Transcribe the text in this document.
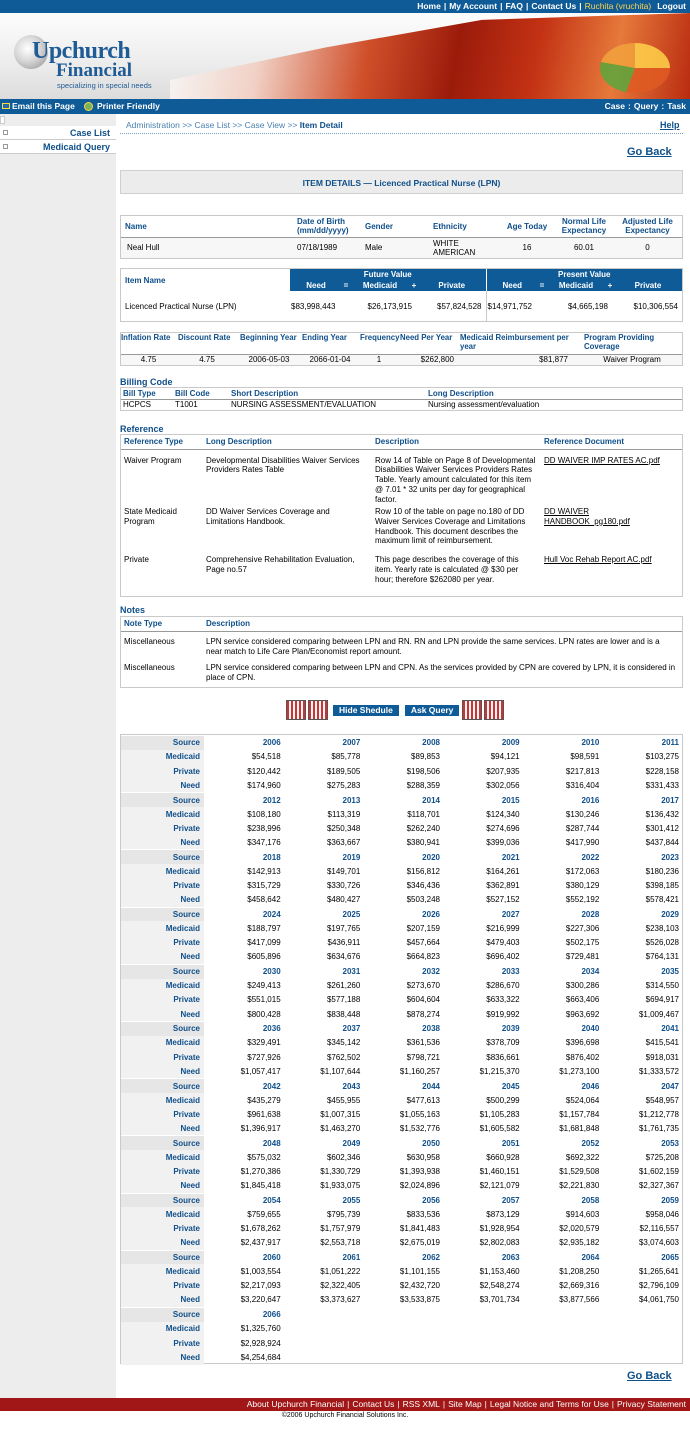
Home | My Account | FAQ | Contact Us | Ruchita (vruchita) Logout
Upchurch
Financial
specializing in special needs
Email this Page	Printer Friendly	Case : Query : Task
Case List
Medicaid Query
Administration >> Case List >> Case View >> Item Detail	Help
Go Back
ITEM DETAILS — Licenced Practical Nurse (LPN)
Name	Date of Birth (mm/dd/yyyy)	Gender	Ethnicity	Age Today	Normal Life Expectancy	Adjusted Life Expectancy
Neal Hull	07/18/1989	Male	WHITE AMERICAN	16	60.01	0
Item Name	Future Value					Present Value				
	Need	=	Medicaid	+	Private	Need	=	Medicaid	+	Private
Licenced Practical Nurse (LPN)	$83,998,443		$26,173,915		$57,824,528	$14,971,752		$4,665,198		$10,306,554
Inflation Rate	Discount Rate	Beginning Year	Ending Year	Frequency	Need Per Year	Medicaid Reimbursement per year	Program Providing Coverage
4.75	4.75	2006-05-03	2066-01-04	1	$262,800	$81,877	Waiver Program
Billing Code
Bill Type	Bill Code	Short Description	Long Description
HCPCS	T1001	NURSING ASSESSMENT/EVALUATION	Nursing assessment/evaluation
Reference
Reference Type	Long Description	Description	Reference Document
Waiver Program	Developmental Disabilities Waiver Services Providers Rates Table	Row 14 of Table on Page 8 of Developmental Disabilities Waiver Services Providers Rates Table. Yearly amount calculated for this item @ 7.01 * 32 units per day for geographical factor.	DD WAIVER IMP RATES AC.pdf
State Medicaid Program	DD Waiver Services Coverage and Limitations Handbook.	Row 10 of the table on page no.180 of DD Waiver Services Coverage and Limitations Handbook. This document describes the maximum limit of reimbursement.	DD WAIVER HANDBOOK_pg180.pdf
Private	Comprehensive Rehabilitation Evaluation, Page no.57	This page describes the coverage of this item. Yearly rate is calculated @ $30 per hour; therefore $262080 per year.	Hull Voc Rehab Report AC.pdf
Notes
Note Type	Description
Miscellaneous	LPN service considered comparing between LPN and RN. RN and LPN provide the same services. LPN rates are lower and is a near match to Life Care Plan/Economist report amount.
Miscellaneous	LPN service considered comparing between LPN and CPN. As the services provided by CPN are covered by LPN, it is considered in place of CPN.
Hide Shedule Ask Query
Source	2006	2007	2008	2009	2010	2011
Medicaid	$54,518	$85,778	$89,853	$94,121	$98,591	$103,275
Private	$120,442	$189,505	$198,506	$207,935	$217,813	$228,158
Need	$174,960	$275,283	$288,359	$302,056	$316,404	$331,433
Source	2012	2013	2014	2015	2016	2017
Medicaid	$108,180	$113,319	$118,701	$124,340	$130,246	$136,432
Private	$238,996	$250,348	$262,240	$274,696	$287,744	$301,412
Need	$347,176	$363,667	$380,941	$399,036	$417,990	$437,844
Source	2018	2019	2020	2021	2022	2023
Medicaid	$142,913	$149,701	$156,812	$164,261	$172,063	$180,236
Private	$315,729	$330,726	$346,436	$362,891	$380,129	$398,185
Need	$458,642	$480,427	$503,248	$527,152	$552,192	$578,421
Source	2024	2025	2026	2027	2028	2029
Medicaid	$188,797	$197,765	$207,159	$216,999	$227,306	$238,103
Private	$417,099	$436,911	$457,664	$479,403	$502,175	$526,028
Need	$605,896	$634,676	$664,823	$696,402	$729,481	$764,131
Source	2030	2031	2032	2033	2034	2035
Medicaid	$249,413	$261,260	$273,670	$286,670	$300,286	$314,550
Private	$551,015	$577,188	$604,604	$633,322	$663,406	$694,917
Need	$800,428	$838,448	$878,274	$919,992	$963,692	$1,009,467
Source	2036	2037	2038	2039	2040	2041
Medicaid	$329,491	$345,142	$361,536	$378,709	$396,698	$415,541
Private	$727,926	$762,502	$798,721	$836,661	$876,402	$918,031
Need	$1,057,417	$1,107,644	$1,160,257	$1,215,370	$1,273,100	$1,333,572
Source	2042	2043	2044	2045	2046	2047
Medicaid	$435,279	$455,955	$477,613	$500,299	$524,064	$548,957
Private	$961,638	$1,007,315	$1,055,163	$1,105,283	$1,157,784	$1,212,778
Need	$1,396,917	$1,463,270	$1,532,776	$1,605,582	$1,681,848	$1,761,735
Source	2048	2049	2050	2051	2052	2053
Medicaid	$575,032	$602,346	$630,958	$660,928	$692,322	$725,208
Private	$1,270,386	$1,330,729	$1,393,938	$1,460,151	$1,529,508	$1,602,159
Need	$1,845,418	$1,933,075	$2,024,896	$2,121,079	$2,221,830	$2,327,367
Source	2054	2055	2056	2057	2058	2059
Medicaid	$759,655	$795,739	$833,536	$873,129	$914,603	$958,046
Private	$1,678,262	$1,757,979	$1,841,483	$1,928,954	$2,020,579	$2,116,557
Need	$2,437,917	$2,553,718	$2,675,019	$2,802,083	$2,935,182	$3,074,603
Source	2060	2061	2062	2063	2064	2065
Medicaid	$1,003,554	$1,051,222	$1,101,155	$1,153,460	$1,208,250	$1,265,641
Private	$2,217,093	$2,322,405	$2,432,720	$2,548,274	$2,669,316	$2,796,109
Need	$3,220,647	$3,373,627	$3,533,875	$3,701,734	$3,877,566	$4,061,750
Source	2066					
Medicaid	$1,325,760					
Private	$2,928,924					
Need	$4,254,684					
Go Back
About Upchurch Financial | Contact Us | RSS XML | Site Map | Legal Notice and Terms for Use | Privacy Statement
©2006 Upchurch Financial Solutions Inc.
